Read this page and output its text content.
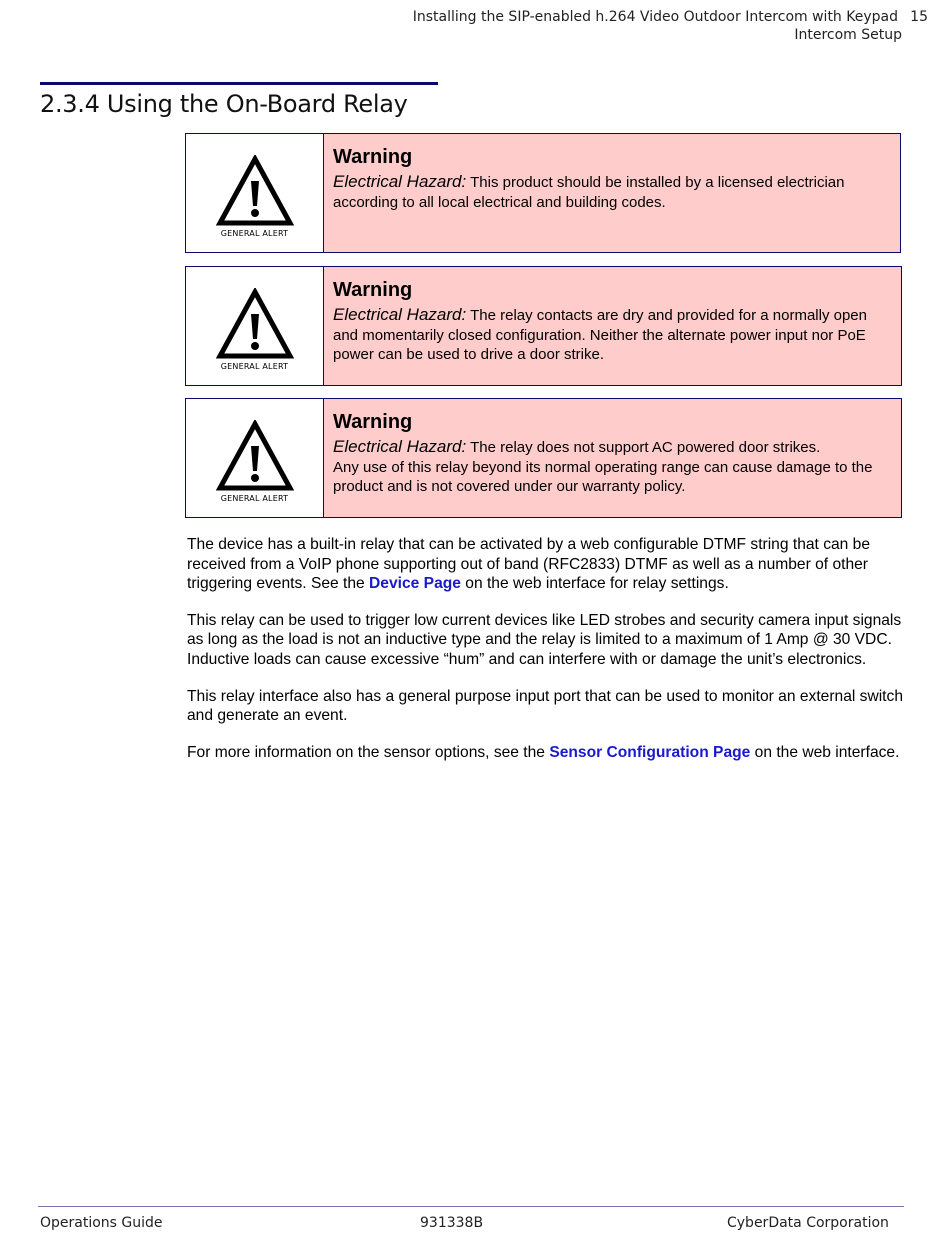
Installing the SIP-enabled h.264 Video Outdoor Intercom with Keypad 15
Intercom Setup
2.3.4 Using the On-Board Relay
GENERAL ALERT
Warning
Electrical Hazard: This product should be installed by a licensed electrician according to all local electrical and building codes.
GENERAL ALERT
Warning
Electrical Hazard: The relay contacts are dry and provided for a normally open and momentarily closed configuration. Neither the alternate power input nor PoE power can be used to drive a door strike.
GENERAL ALERT
Warning
Electrical Hazard: The relay does not support AC powered door strikes.
Any use of this relay beyond its normal operating range can cause damage to the product and is not covered under our warranty policy.

The device has a built-in relay that can be activated by a web configurable DTMF string that can be received from a VoIP phone supporting out of band (RFC2833) DTMF as well as a number of other triggering events. See the Device Page on the web interface for relay settings.

This relay can be used to trigger low current devices like LED strobes and security camera input signals as long as the load is not an inductive type and the relay is limited to a maximum of 1 Amp @ 30 VDC. Inductive loads can cause excessive “hum” and can interfere with or damage the unit’s electronics.

This relay interface also has a general purpose input port that can be used to monitor an external switch and generate an event.

For more information on the sensor options, see the Sensor Configuration Page on the web interface.

Operations Guide	931338B	CyberData Corporation
